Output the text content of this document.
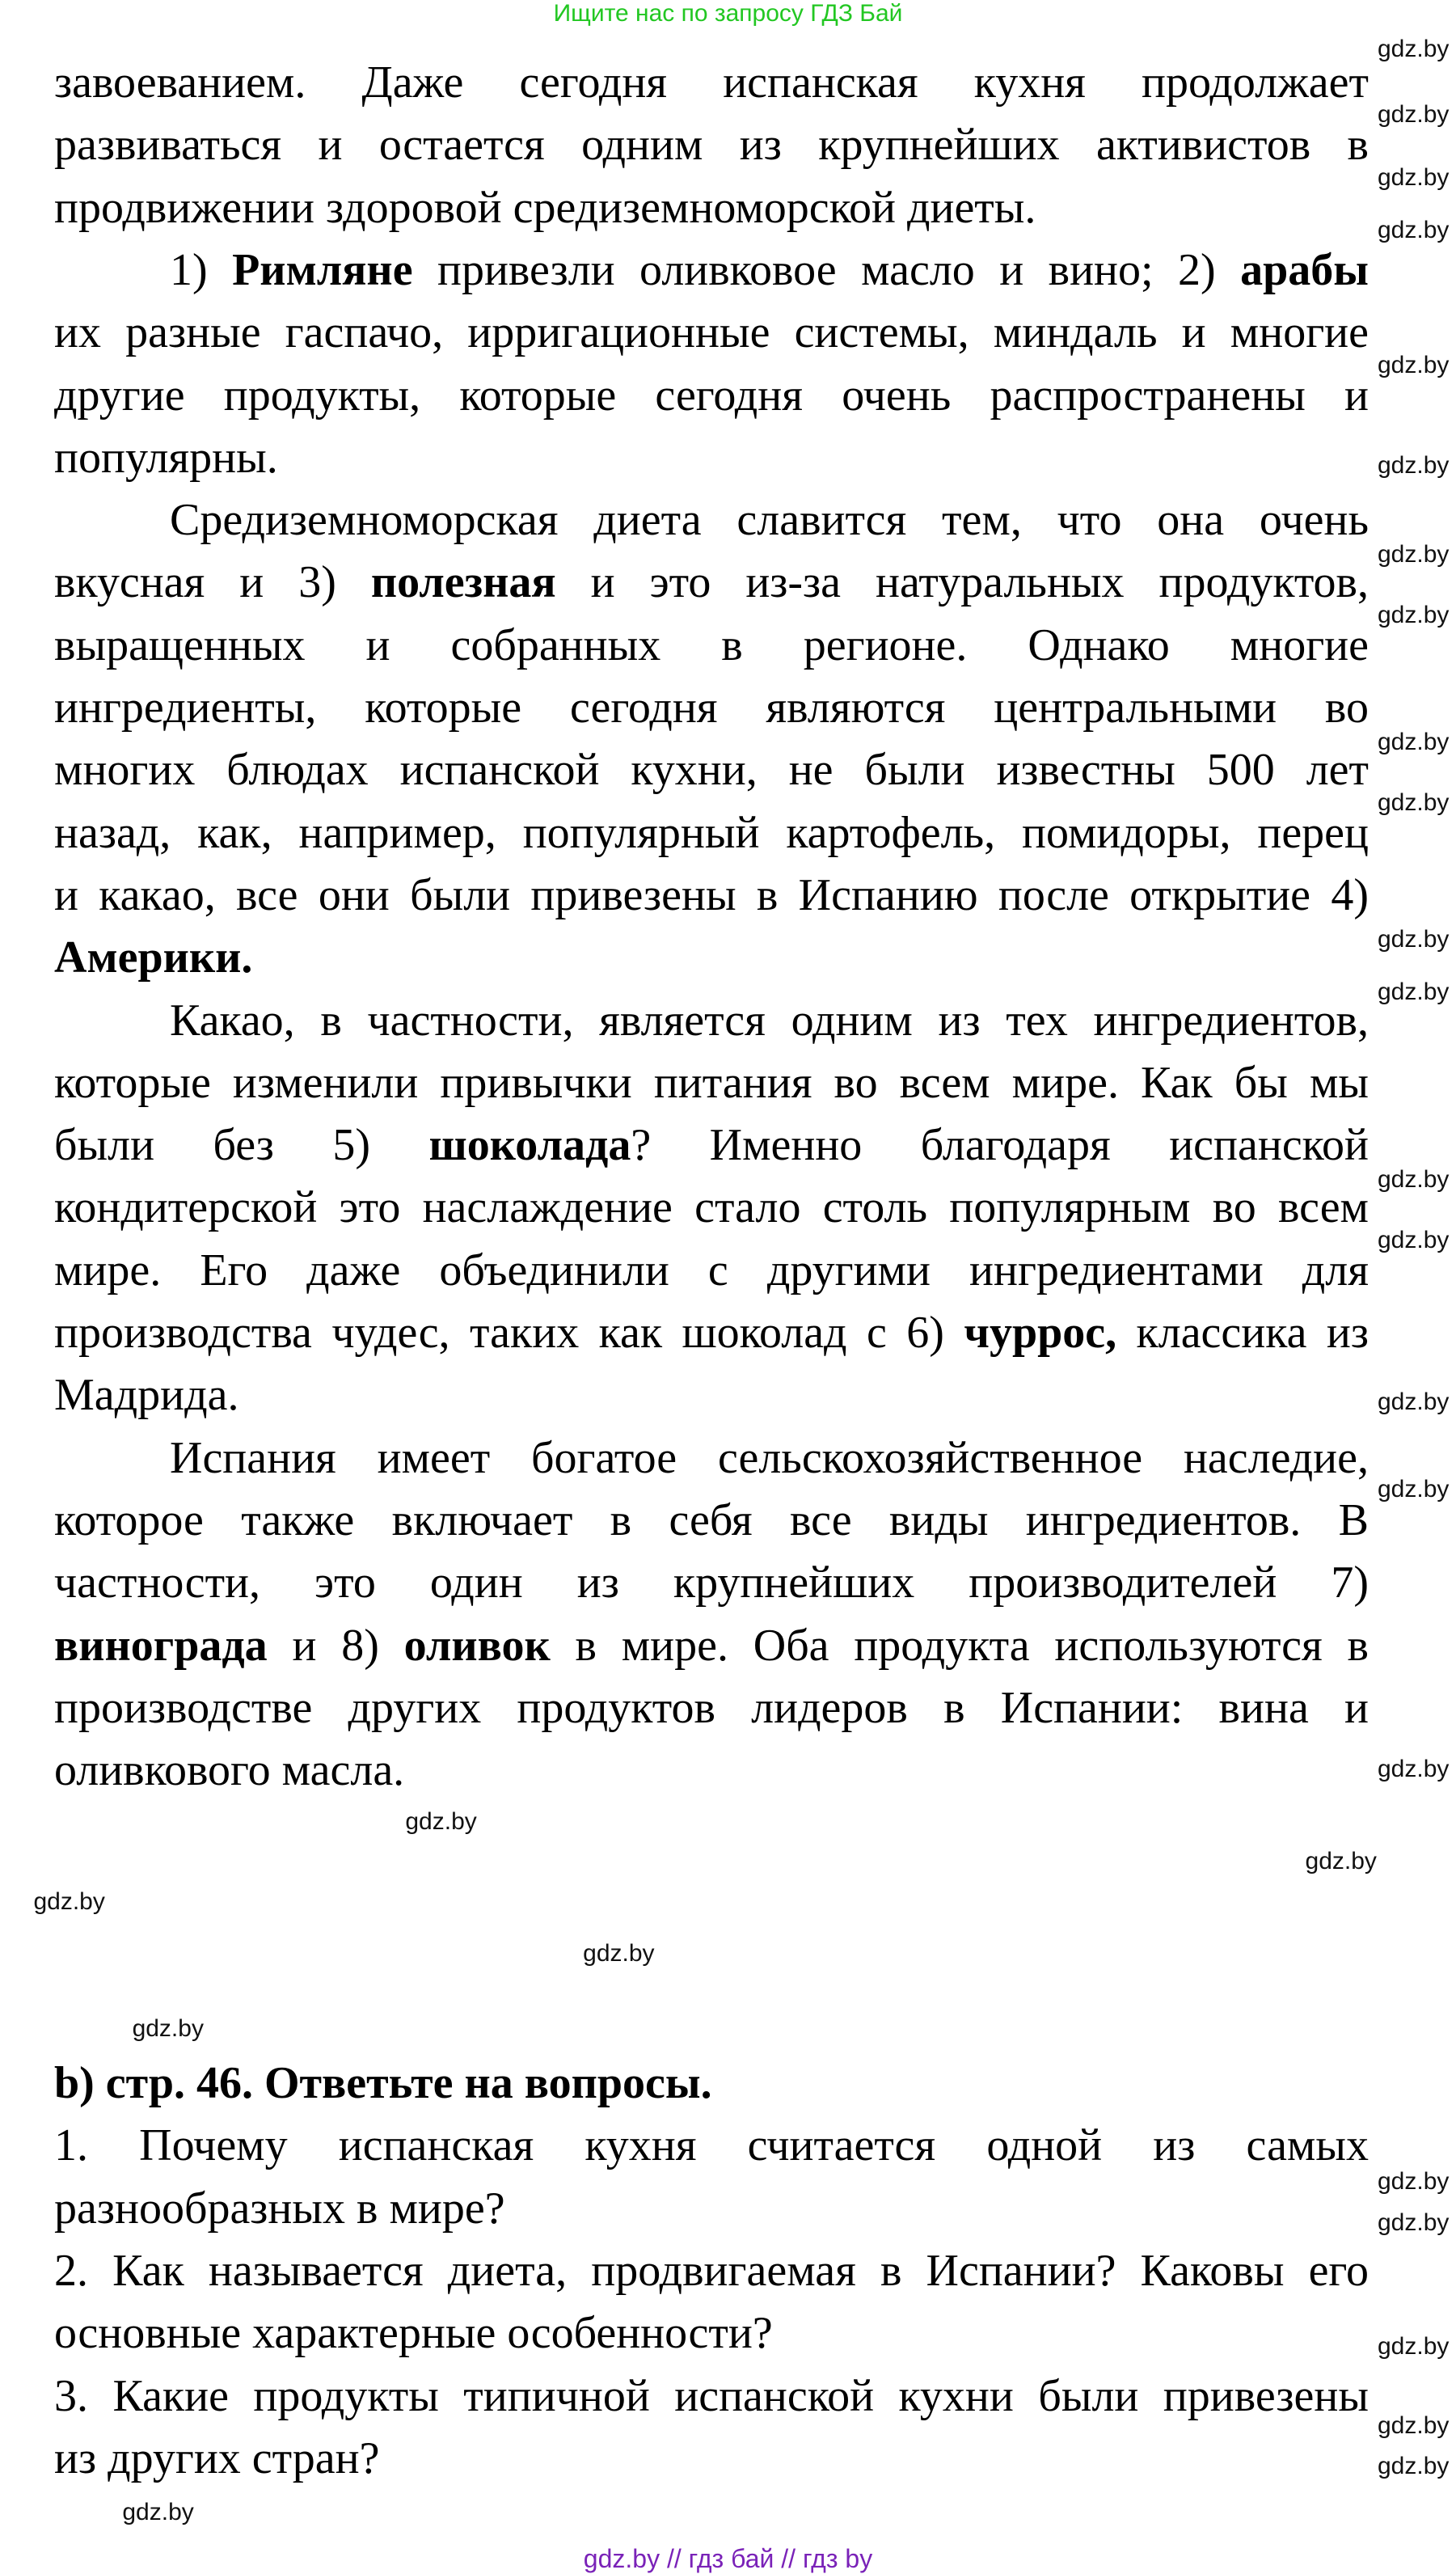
Ищите нас по запросу ГДЗ Бай
завоеванием. Даже сегодня испанская кухня продолжает
развиваться и остается одним из крупнейших активистов в
продвижении здоровой средиземноморской диеты.
1) Римляне привезли оливковое масло и вино; 2) арабы
их разные гаспачо, ирригационные системы, миндаль и многие
другие продукты, которые сегодня очень распространены и
популярны.
Средиземноморская диета славится тем, что она очень
вкусная и 3) полезная и это из-за натуральных продуктов,
выращенных и собранных в регионе. Однако многие
ингредиенты, которые сегодня являются центральными во
многих блюдах испанской кухни, не были известны 500 лет
назад, как, например, популярный картофель, помидоры, перец
и какао, все они были привезены в Испанию после открытие 4)
Америки.
Какао, в частности, является одним из тех ингредиентов,
которые изменили привычки питания во всем мире. Как бы мы
были без 5) шоколада? Именно благодаря испанской
кондитерской это наслаждение стало столь популярным во всем
мире. Его даже объединили с другими ингредиентами для
производства чудес, таких как шоколад с 6) чуррос, классика из
Мадрида.
Испания имеет богатое сельскохозяйственное наследие,
которое также включает в себя все виды ингредиентов. В
частности, это один из крупнейших производителей 7)
винограда и 8) оливок в мире. Оба продукта используются в
производстве других продуктов лидеров в Испании: вина и
оливкового масла.
b) стр. 46. Ответьте на вопросы.
1. Почему испанская кухня считается одной из самых
разнообразных в мире?
2. Как называется диета, продвигаемая в Испании? Каковы его
основные характерные особенности?
3. Какие продукты типичной испанской кухни были привезены
из других стран?
gdz.by
gdz.by
gdz.by
gdz.by
gdz.by
gdz.by
gdz.by
gdz.by
gdz.by
gdz.by
gdz.by
gdz.by
gdz.by
gdz.by
gdz.by
gdz.by
gdz.by
gdz.by
gdz.by
gdz.by
gdz.by
gdz.by
gdz.by
gdz.by
gdz.by
gdz.by
gdz.by
gdz.by
gdz.by // гдз бай // гдз by
